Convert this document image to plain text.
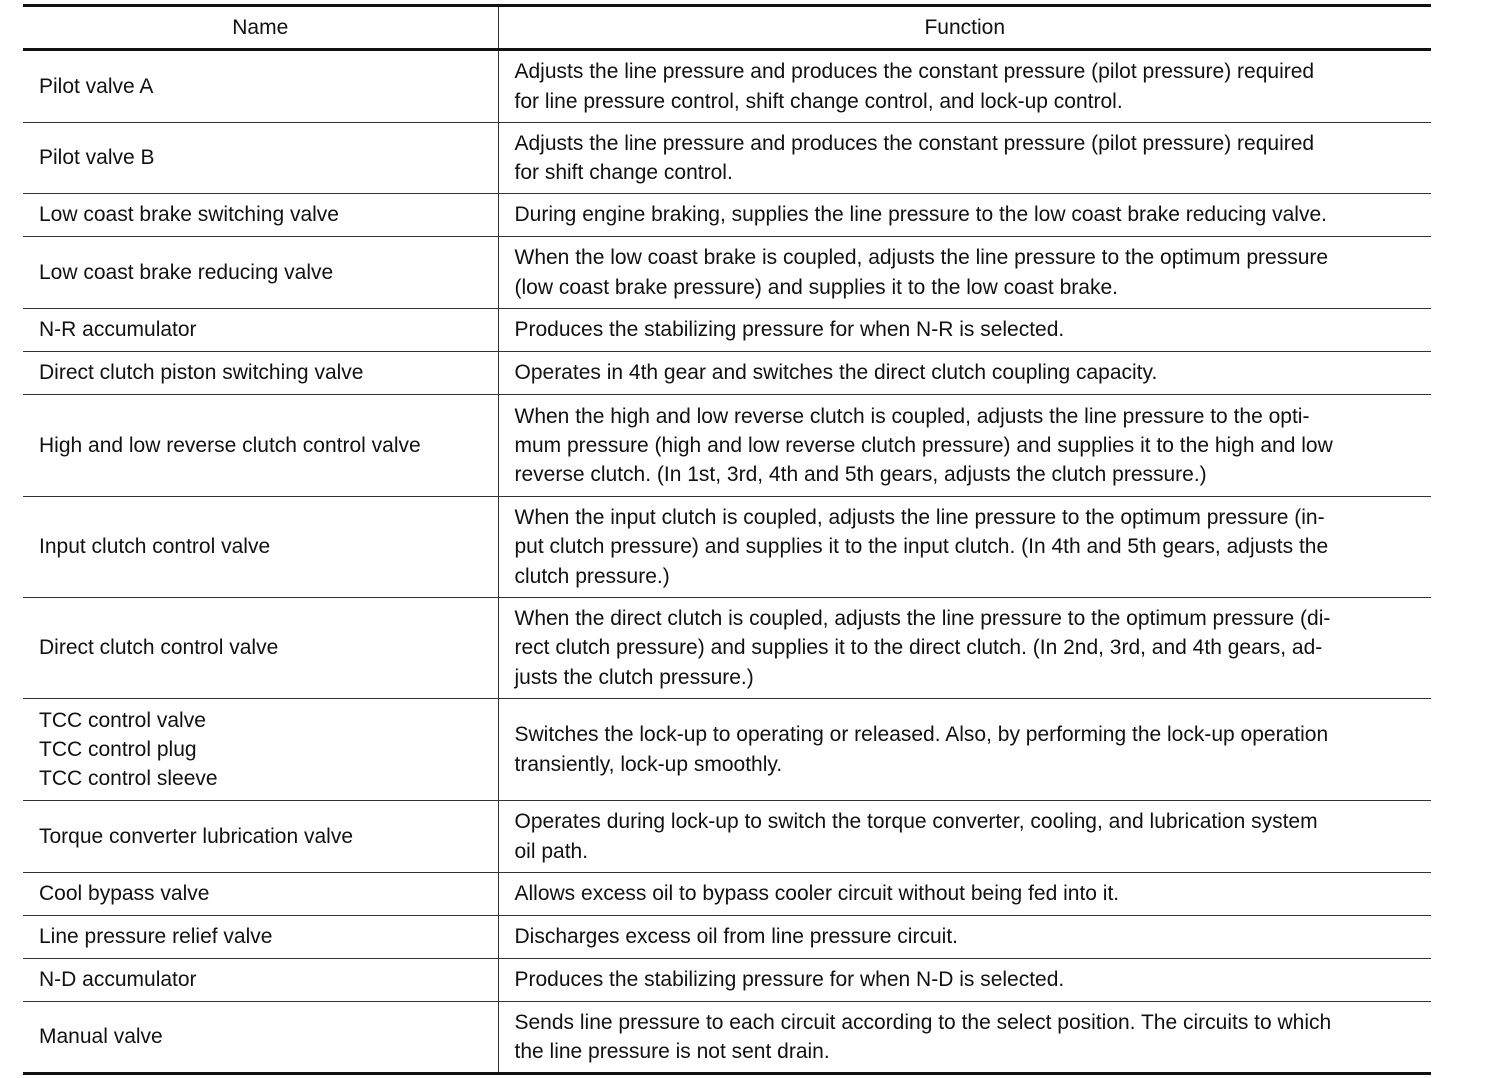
Name	Function

Pilot valve A	Adjusts the line pressure and produces the constant pressure (pilot pressure) required
for line pressure control, shift change control, and lock-up control.

Pilot valve B	Adjusts the line pressure and produces the constant pressure (pilot pressure) required
for shift change control.

Low coast brake switching valve	During engine braking, supplies the line pressure to the low coast brake reducing valve.

Low coast brake reducing valve	When the low coast brake is coupled, adjusts the line pressure to the optimum pressure
(low coast brake pressure) and supplies it to the low coast brake.

N-R accumulator	Produces the stabilizing pressure for when N-R is selected.

Direct clutch piston switching valve	Operates in 4th gear and switches the direct clutch coupling capacity.

High and low reverse clutch control valve	When the high and low reverse clutch is coupled, adjusts the line pressure to the opti-
mum pressure (high and low reverse clutch pressure) and supplies it to the high and low
reverse clutch. (In 1st, 3rd, 4th and 5th gears, adjusts the clutch pressure.)

Input clutch control valve	When the input clutch is coupled, adjusts the line pressure to the optimum pressure (in-
put clutch pressure) and supplies it to the input clutch. (In 4th and 5th gears, adjusts the
clutch pressure.)

Direct clutch control valve	When the direct clutch is coupled, adjusts the line pressure to the optimum pressure (di-
rect clutch pressure) and supplies it to the direct clutch. (In 2nd, 3rd, and 4th gears, ad-
justs the clutch pressure.)

TCC control valve
TCC control plug
TCC control sleeve	Switches the lock-up to operating or released. Also, by performing the lock-up operation
transiently, lock-up smoothly.

Torque converter lubrication valve	Operates during lock-up to switch the torque converter, cooling, and lubrication system
oil path.

Cool bypass valve	Allows excess oil to bypass cooler circuit without being fed into it.

Line pressure relief valve	Discharges excess oil from line pressure circuit.

N-D accumulator	Produces the stabilizing pressure for when N-D is selected.

Manual valve	Sends line pressure to each circuit according to the select position. The circuits to which
the line pressure is not sent drain.
